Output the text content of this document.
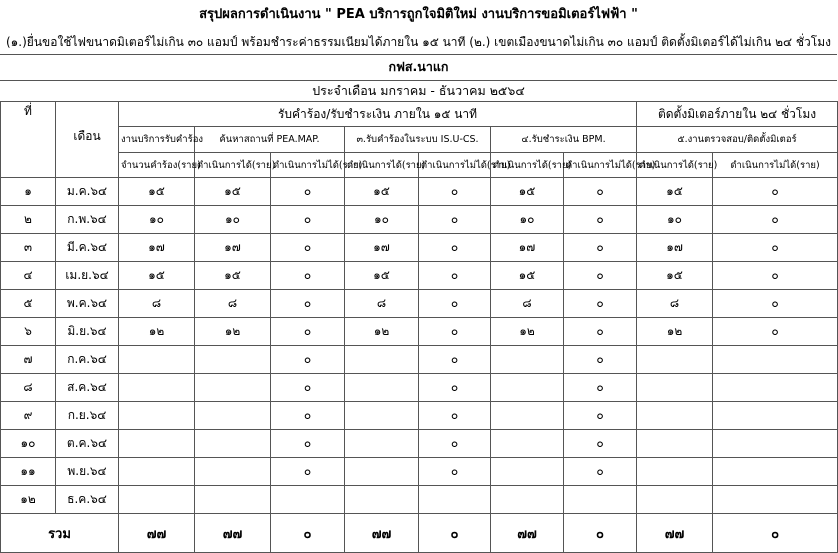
สรุปผลการดำเนินงาน " PEA บริการถูกใจมิติใหม่ งานบริการขอมิเตอร์ไฟฟ้า "
(๑.)ยื่นขอใช้ไฟขนาดมิเตอร์ไม่เกิน ๓๐ แอมป์ พร้อมชำระค่าธรรมเนียมได้ภายใน ๑๕ นาที (๒.) เขตเมืองขนาดไม่เกิน ๓๐ แอมป์ ติดตั้งมิเตอร์ได้ไม่เกิน ๒๔ ชั่วโมง
กฟส.นาแก
ประจำเดือน มกราคม - ธันวาคม ๒๕๖๔
ที่		รับคำร้อง/รับชำระเงิน ภายใน ๑๕ นาที							ติดตั้งมิเตอร์ภายใน ๒๔ ชั่วโมง	
	เดือน	งานบริการรับคำร้อง	ค้นหาสถานที่ PEA.MAP.		๓.รับคำร้องในระบบ IS.U-CS.		๔.รับชำระเงิน BPM.		๕.งานตรวจสอบ/ติดตั้งมิเตอร์	
		จำนวนคำร้อง(ราย)	ดำเนินการได้(ราย)	ดำเนินการไม่ได้(ราย)	ดำเนินการได้(ราย)	ดำเนินการไม่ได้(ราย)	ดำเนินการได้(ราย)	ดำเนินการไม่ได้(ราย)	ดำเนินการได้(ราย)	ดำเนินการไม่ได้(ราย)
๑	ม.ค.๖๔	๑๕	๑๕	๐	๑๕	๐	๑๕	๐	๑๕	๐
๒	ก.พ.๖๔	๑๐	๑๐	๐	๑๐	๐	๑๐	๐	๑๐	๐
๓	มี.ค.๖๔	๑๗	๑๗	๐	๑๗	๐	๑๗	๐	๑๗	๐
๔	เม.ย.๖๔	๑๕	๑๕	๐	๑๕	๐	๑๕	๐	๑๕	๐
๕	พ.ค.๖๔	๘	๘	๐	๘	๐	๘	๐	๘	๐
๖	มิ.ย.๖๔	๑๒	๑๒	๐	๑๒	๐	๑๒	๐	๑๒	๐
๗	ก.ค.๖๔			๐		๐		๐		
๘	ส.ค.๖๔			๐		๐		๐		
๙	ก.ย.๖๔			๐		๐		๐		
๑๐	ต.ค.๖๔			๐		๐		๐		
๑๑	พ.ย.๖๔			๐		๐		๐		
๑๒	ธ.ค.๖๔									
รวม		๗๗	๗๗	๐	๗๗	๐	๗๗	๐	๗๗	๐
